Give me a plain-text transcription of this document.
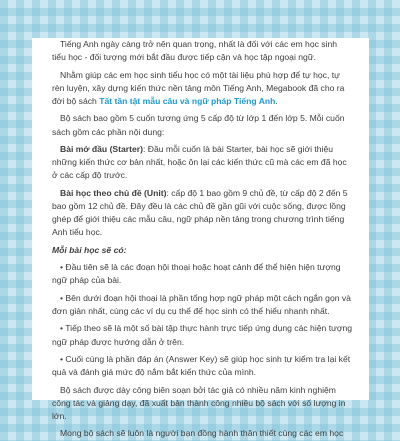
Tiếng Anh ngày càng trở nên quan trọng, nhất là đối với các em học sinh tiểu học - đối tượng mới bắt đầu được tiếp cận và học tập ngoại ngữ.

Nhằm giúp các em học sinh tiểu học có một tài liệu phù hợp để tự học, tự rèn luyện, xây dựng kiến thức nền tảng môn Tiếng Anh, Megabook đã cho ra đời bộ sách Tất tần tật mẫu câu và ngữ pháp Tiếng Anh.

Bộ sách bao gồm 5 cuốn tương ứng 5 cấp độ từ lớp 1 đến lớp 5. Mỗi cuốn sách gồm các phần nội dung:

Bài mở đầu (Starter): Đầu mỗi cuốn là bài Starter, bài học sẽ giới thiệu những kiến thức cơ bản nhất, hoặc ôn lại các kiến thức cũ mà các em đã học ở các cấp độ trước.

Bài học theo chủ đề (Unit): cấp độ 1 bao gồm 9 chủ đề, từ cấp độ 2 đến 5 bao gồm 12 chủ đề. Đây đều là các chủ đề gần gũi với cuộc sống, được lồng ghép để giới thiệu các mẫu câu, ngữ pháp nền tảng trong chương trình tiếng Anh tiểu học.

Mỗi bài học sẽ có:

• Đầu tiên sẽ là các đoạn hội thoại hoặc hoạt cảnh để thể hiện hiện tượng ngữ pháp của bài.

• Bên dưới đoạn hội thoại là phần tổng hợp ngữ pháp một cách ngắn gọn và đơn giản nhất, cùng các ví dụ cụ thể để học sinh có thể hiểu nhanh nhất.

• Tiếp theo sẽ là một số bài tập thực hành trực tiếp ứng dụng các hiện tượng ngữ pháp được hướng dẫn ở trên.

• Cuối cùng là phần đáp án (Answer Key) sẽ giúp học sinh tự kiểm tra lại kết quả và đánh giá mức độ nắm bắt kiến thức của mình.

Bộ sách được dày công biên soạn bởi tác giả có nhiều năm kinh nghiệm công tác và giảng dạy, đã xuất bản thành công nhiều bộ sách với số lượng in lớn.

Mong bộ sách sẽ luôn là người bạn đồng hành thân thiết cùng các em học
